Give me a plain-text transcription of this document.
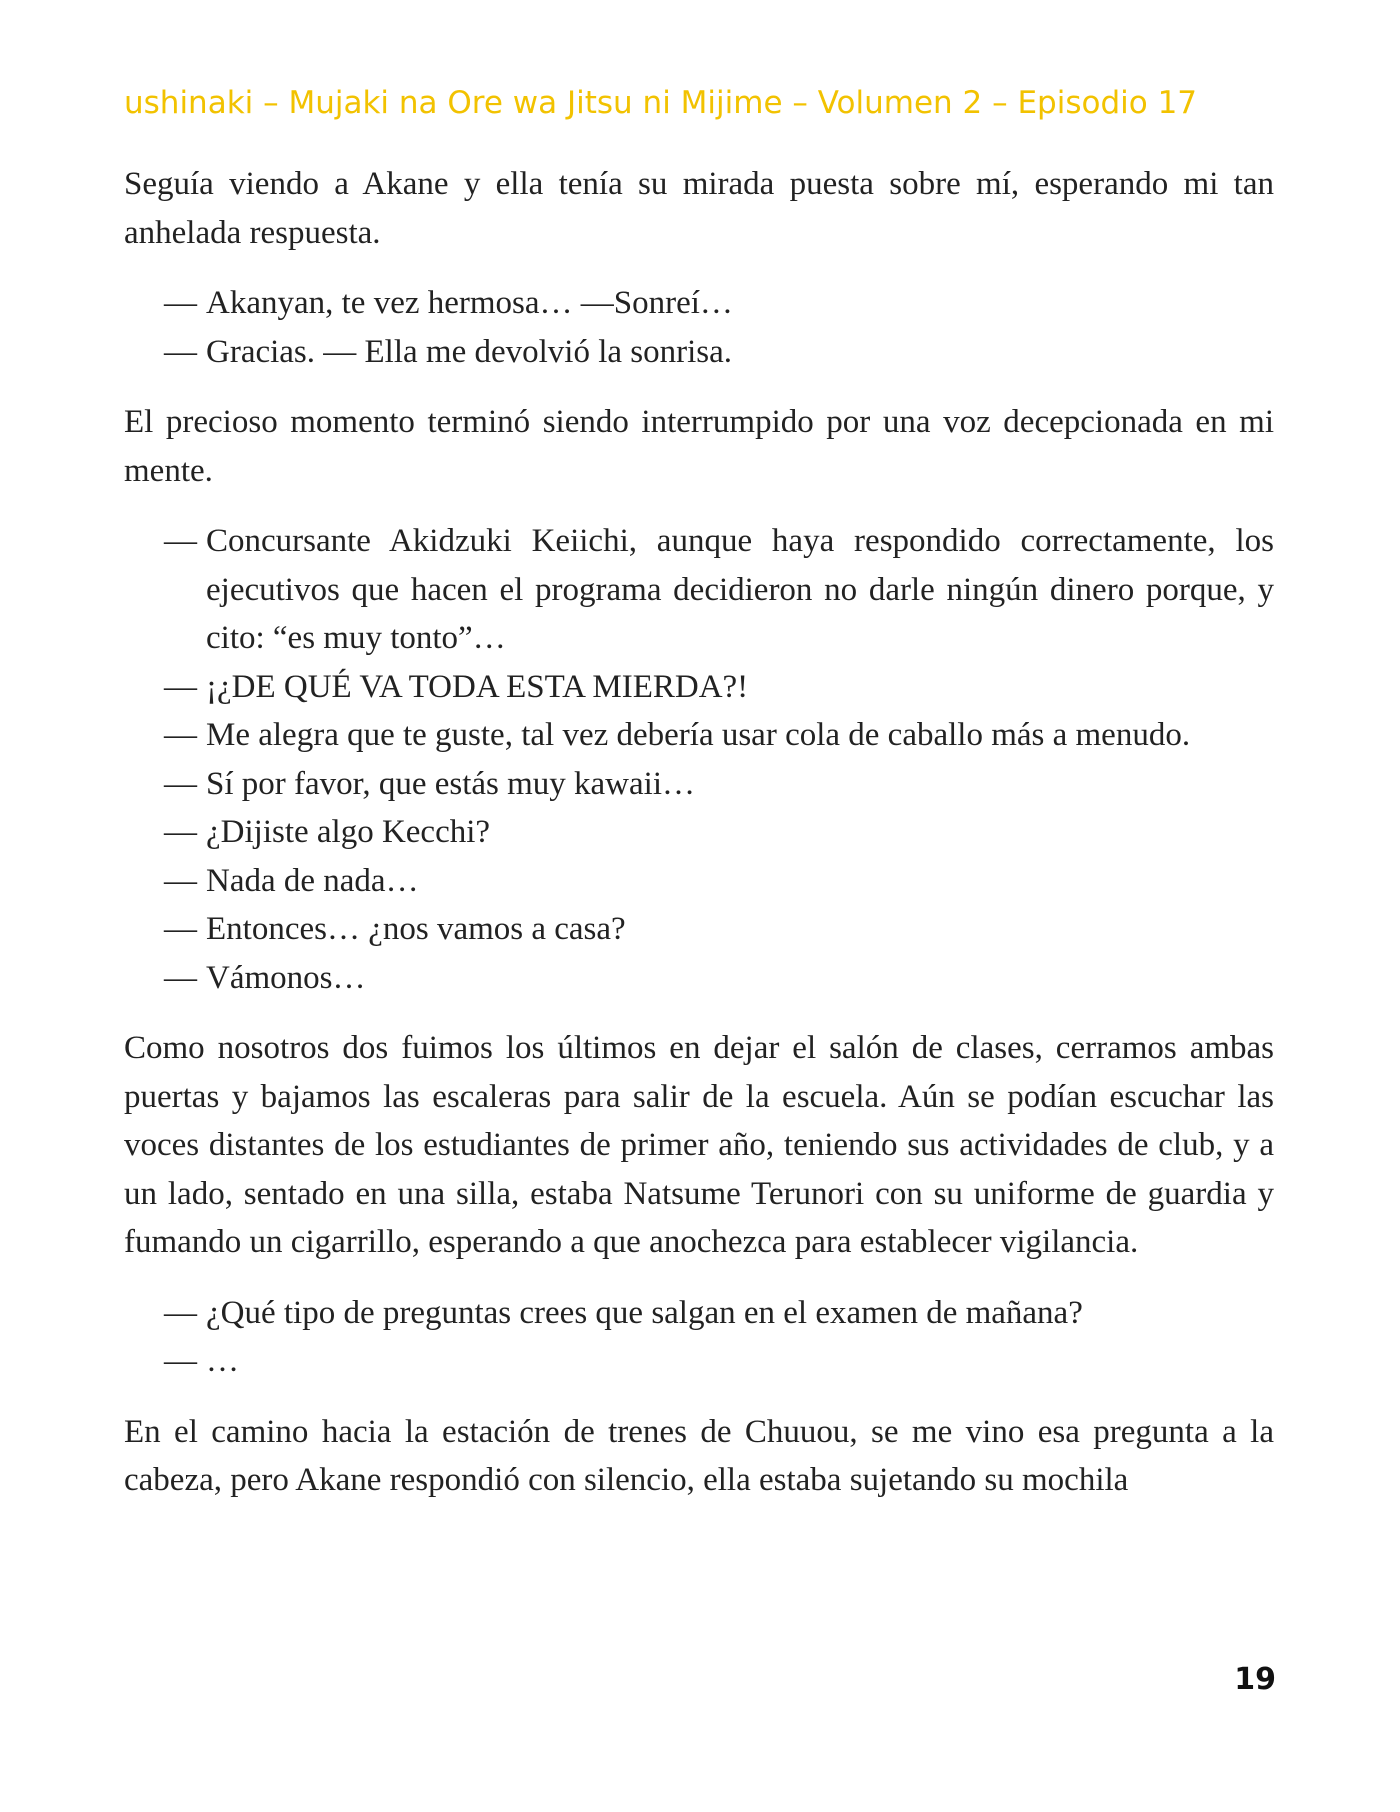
ushinaki – Mujaki na Ore wa Jitsu ni Mijime – Volumen 2 – Episodio 17

Seguía viendo a Akane y ella tenía su mirada puesta sobre mí, esperando mi tan anhelada respuesta.

— Akanyan, te vez hermosa… —Sonreí…
— Gracias. — Ella me devolvió la sonrisa.

El precioso momento terminó siendo interrumpido por una voz decepcionada en mi mente.

— Concursante Akidzuki Keiichi, aunque haya respondido correctamente, los ejecutivos que hacen el programa decidieron no darle ningún dinero porque, y cito: “es muy tonto”…
— ¡¿DE QUÉ VA TODA ESTA MIERDA?!
— Me alegra que te guste, tal vez debería usar cola de caballo más a menudo.
— Sí por favor, que estás muy kawaii…
— ¿Dijiste algo Kecchi?
— Nada de nada…
— Entonces… ¿nos vamos a casa?
— Vámonos…

Como nosotros dos fuimos los últimos en dejar el salón de clases, cerramos ambas puertas y bajamos las escaleras para salir de la escuela. Aún se podían escuchar las voces distantes de los estudiantes de primer año, teniendo sus actividades de club, y a un lado, sentado en una silla, estaba Natsume Terunori con su uniforme de guardia y fumando un cigarrillo, esperando a que anochezca para establecer vigilancia.

— ¿Qué tipo de preguntas crees que salgan en el examen de mañana?
— …

En el camino hacia la estación de trenes de Chuuou, se me vino esa pregunta a la cabeza, pero Akane respondió con silencio, ella estaba sujetando su mochila

19
